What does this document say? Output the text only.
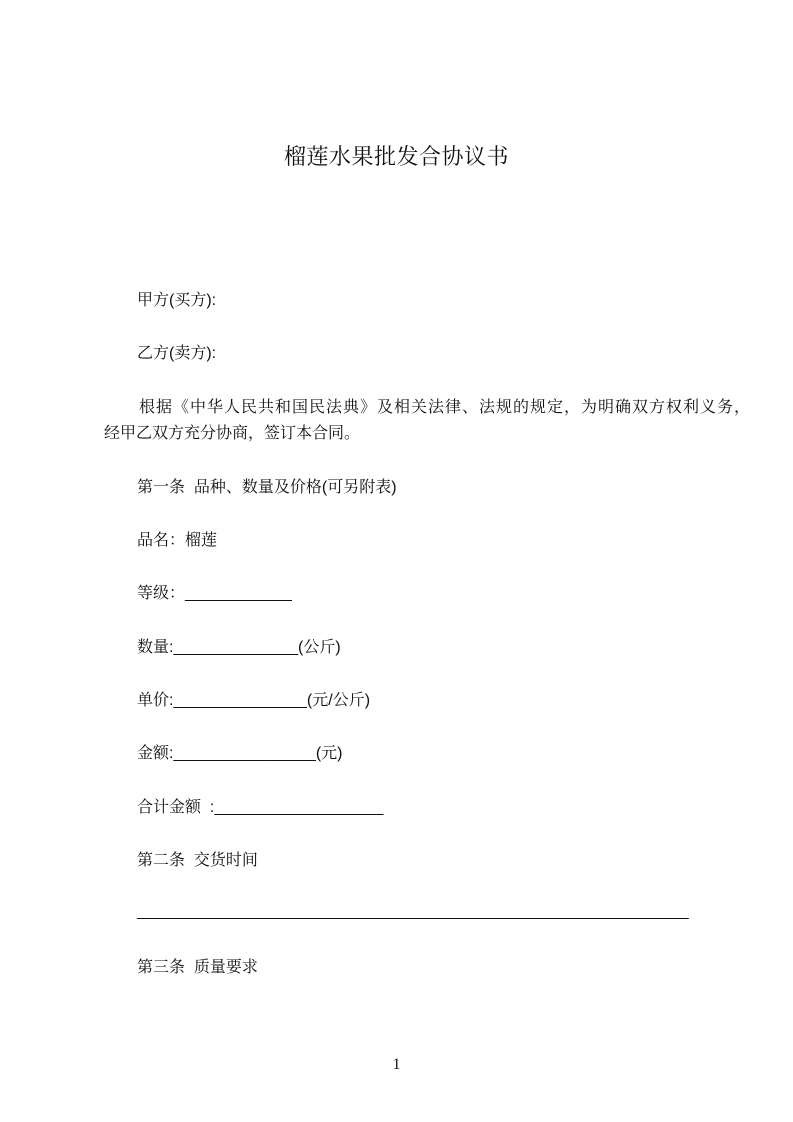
榴莲水果批发合协议书
甲方(买方):
乙方(卖方):
根据《中华人民共和国民法典》及相关法律、法规的规定，为明确双方权利义务，
经甲乙双方充分协商，签订本合同。
第一条  品种、数量及价格(可另附表)
品名：榴莲
等级：____________
数量:______________(公斤)
单价:_______________(元/公斤)
金额:________________(元)
合计金额  :___________________
第二条  交货时间
______________________________________________________________
第三条  质量要求
1
